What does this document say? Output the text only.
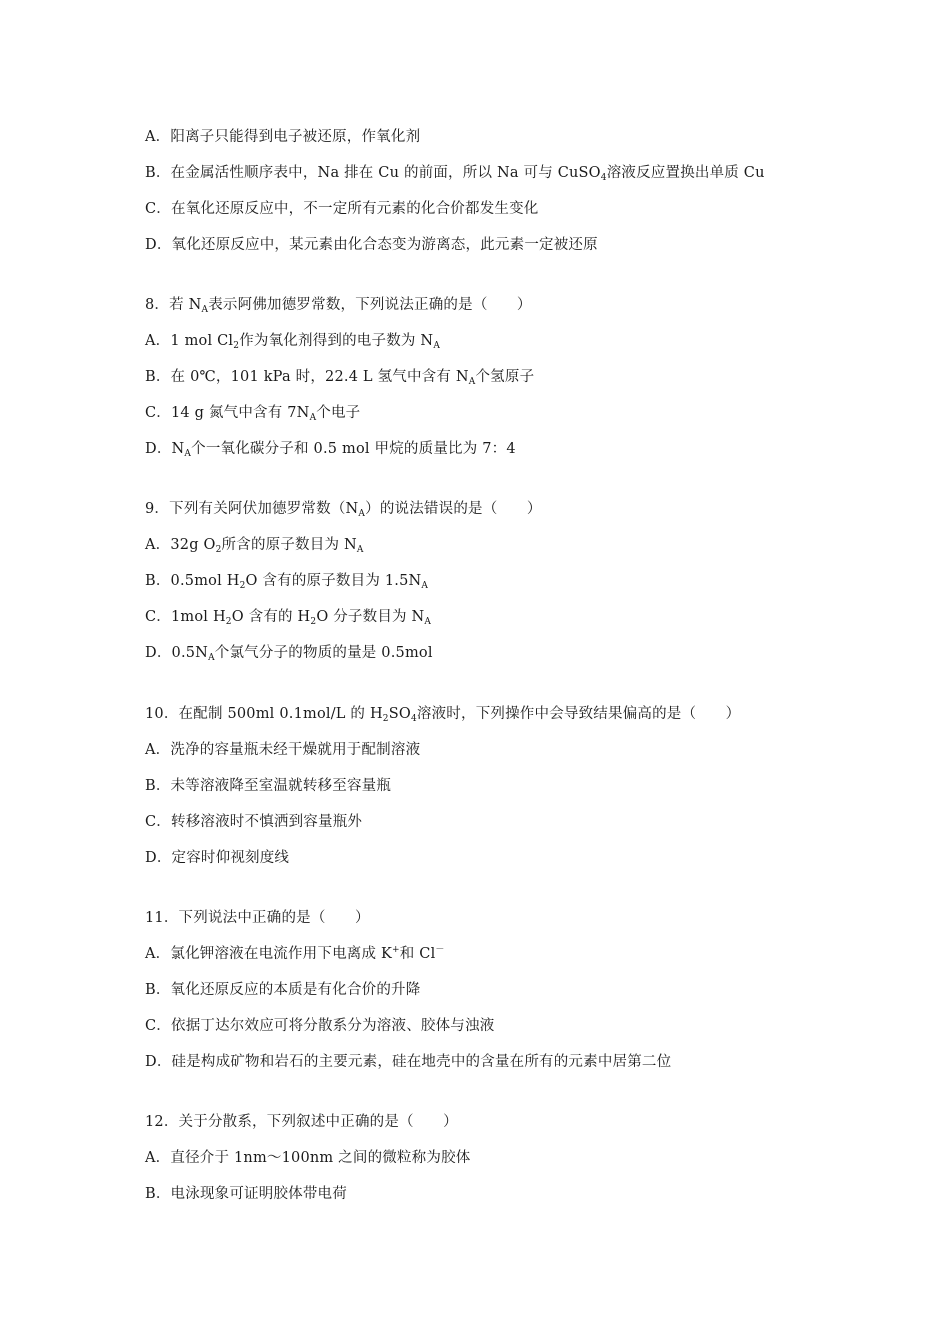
A．阳离子只能得到电子被还原，作氧化剂
B．在金属活性顺序表中，Na 排在 Cu 的前面，所以 Na 可与 CuSO$_4$溶液反应置换出单质 Cu
C．在氧化还原反应中，不一定所有元素的化合价都发生变化
D．氧化还原反应中，某元素由化合态变为游离态，此元素一定被还原
8．若 $N_A$表示阿佛加德罗常数，下列说法正确的是（　　）
A．1 mol $Cl_2$作为氧化剂得到的电子数为 $N_A$
B．在 0℃，101 kPa 时，22.4 L 氢气中含有 $N_A$个氢原子
C．14 g 氮气中含有 $7N_A$个电子
D．$N_A$个一氧化碳分子和 0.5 mol 甲烷的质量比为 7：4
9．下列有关阿伏加德罗常数$(N_A)$的说法错误的是（　　）
A．32g $O_2$所含的原子数目为 $N_A$
B．0.5mol $H_2O$ 含有的原子数目为 $1.5N_A$
C．1mol $H_2O$ 含有的 $H_2O$ 分子数目为 $N_A$
D．$0.5N_A$个氯气分子的物质的量是 0.5mol
10．在配制 500ml 0.1mol/L 的 $H_2SO_4$溶液时，下列操作中会导致结果偏高的是（　　）
A．洗净的容量瓶未经干燥就用于配制溶液
B．未等溶液降至室温就转移至容量瓶
C．转移溶液时不慎洒到容量瓶外
D．定容时仰视刻度线
11．下列说法中正确的是（　　）
A．氯化钾溶液在电流作用下电离成 K+和 Cl－
B．氧化还原反应的本质是有化合价的升降
C．依据丁达尔效应可将分散系分为溶液、胶体与浊液
D．硅是构成矿物和岩石的主要元素，硅在地壳中的含量在所有的元素中居第二位
12．关于分散系，下列叙述中正确的是（　　）
A．直径介于 1nm～100nm 之间的微粒称为胶体
B．电泳现象可证明胶体带电荷
